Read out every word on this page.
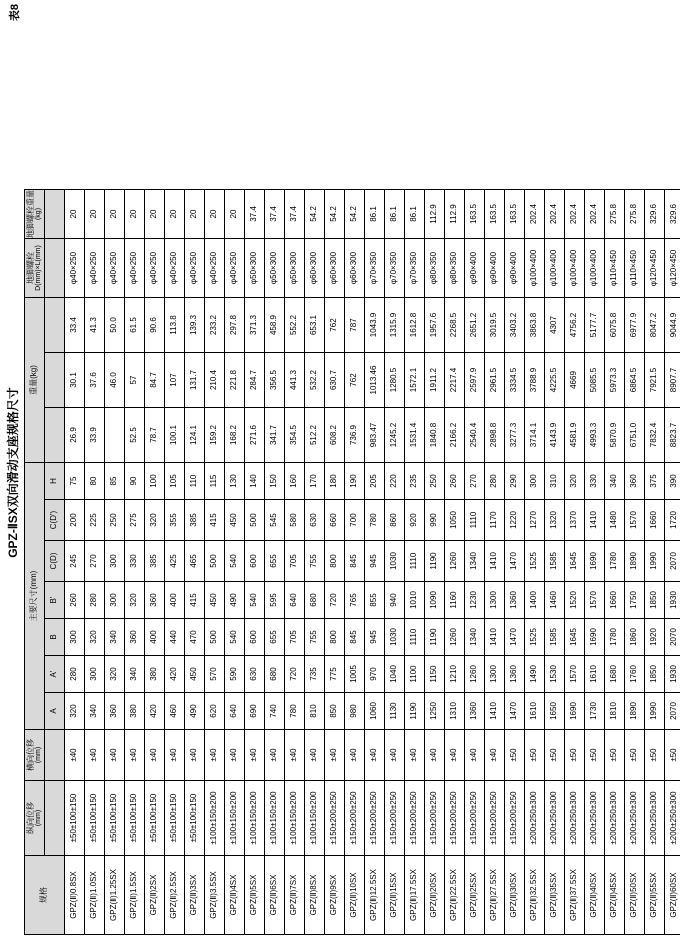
表8
GPZ-ⅡSX双向滑动支座规格尺寸
规格	
纵向位移 (mm)

横向位移 (mm)
	主要尺寸(mm)	重量(kg)	
地脚螺栓 D(mm)×L(mm)

地脚螺栓重量 (kg)

			A	A'	B	B'	C(D)	C(D')	H					
GPZ(Ⅱ)0.8SX	±50±100±150	±40	320	280	300	260	245	200	75	26.9	30.1	33.4	φ40×250	20
GPZ(Ⅱ)1.0SX	±50±100±150	±40	340	300	320	280	270	225	80	33.9	37.6	41.3	φ40×250	20
GPZ(Ⅱ)1.25SX	±50±100±150	±40	360	320	340	300	300	250	85		46.0	50.0	φ40×250	20
GPZ(Ⅱ)1.5SX	±50±100±150	±40	380	340	360	320	330	275	90	52.5	57	61.5	φ40×250	20
GPZ(Ⅱ)2SX	±50±100±150	±40	420	380	400	360	385	320	100	78.7	84.7	90.6	φ40×250	20
GPZ(Ⅱ)2.5SX	±50±100±150	±40	460	420	440	400	425	355	105	100.1	107	113.8	φ40×250	20
GPZ(Ⅱ)3SX	±50±100±150	±40	490	450	470	415	465	385	110	124.1	131.7	139.3	φ40×250	20
GPZ(Ⅱ)3.5SX	±100±150±200	±40	620	570	500	450	500	415	115	159.2	210.4	233.2	φ40×250	20
GPZ(Ⅱ)4SX	±100±150±200	±40	640	590	540	490	540	450	130	168.2	221.8	297.8	φ40×250	20
GPZ(Ⅱ)5SX	±100±150±200	±40	690	630	600	540	600	500	140	271.6	284.7	371.3	φ50×300	37.4
GPZ(Ⅱ)6SX	±100±150±200	±40	740	680	655	595	655	545	150	341.7	356.5	458.9	φ50×300	37.4
GPZ(Ⅱ)7SX	±100±150±200	±40	780	720	705	640	705	580	160	354.5	441.3	552.2	φ50×300	37.4
GPZ(Ⅱ)8SX	±100±150±200	±40	810	735	755	680	755	630	170	512.2	532.2	653.1	φ60×300	54.2
GPZ(Ⅱ)9SX	±150±200±250	±40	850	775	800	720	800	660	180	608.2	630.7	762	φ60×300	54.2
GPZ(Ⅱ)10SX	±150±200±250	±40	980	1005	845	765	845	700	190	736.9	762	787	φ60×300	54.2
GPZ(Ⅱ)12.5SX	±150±200±250	±40	1060	970	945	855	945	780	205	983.47	1013.46	1043.9	φ70×350	86.1
GPZ(Ⅱ)15SX	±150±200±250	±40	1130	1040	1030	940	1030	860	220	1245.2	1280.5	1315.9	φ70×350	86.1
GPZ(Ⅱ)17.5SX	±150±200±250	±40	1190	1100	1110	1010	1110	920	235	1531.4	1572.1	1612.8	φ70×350	86.1
GPZ(Ⅱ)20SX	±150±200±250	±40	1250	1150	1190	1090	1190	990	250	1840.8	1911.2	1957.6	φ80×350	112.9
GPZ(Ⅱ)22.5SX	±150±200±250	±40	1310	1210	1260	1160	1260	1050	260	2166.2	2217.4	2268.5	φ80×350	112.9
GPZ(Ⅱ)25SX	±150±200±250	±40	1360	1260	1340	1230	1340	1110	270	2540.4	2597.9	2651.2	φ90×400	163.5
GPZ(Ⅱ)27.5SX	±150±200±250	±40	1410	1300	1410	1300	1410	1170	280	2898.8	2961.5	3019.5	φ90×400	163.5
GPZ(Ⅱ)30SX	±150±200±250	±50	1470	1360	1470	1360	1470	1220	290	3277.3	3334.5	3403.2	φ90×400	163.5
GPZ(Ⅱ)32.5SX	±200±250±300	±50	1610	1490	1525	1400	1525	1270	300	3714.1	3788.9	3863.8	φ100×400	202.4
GPZ(Ⅱ)35SX	±200±250±300	±50	1650	1530	1585	1460	1585	1320	310	4143.9	4225.5	4307	φ100×400	202.4
GPZ(Ⅱ)37.5SX	±200±250±300	±50	1690	1570	1645	1520	1645	1370	320	4581.9	4669	4756.2	φ100×400	202.4
GPZ(Ⅱ)40SX	±200±250±300	±50	1730	1610	1690	1570	1690	1410	330	4993.3	5085.5	5177.7	φ100×400	202.4
GPZ(Ⅱ)45SX	±200±250±300	±50	1810	1680	1780	1660	1780	1480	340	5870.9	5973.3	6075.8	φ110×450	275.8
GPZ(Ⅱ)50SX	±200±250±300	±50	1890	1760	1860	1750	1890	1570	360	6751.0	6864.5	6977.9	φ110×450	275.8
GPZ(Ⅱ)55SX	±200±250±300	±50	1990	1850	1920	1850	1990	1660	375	7832.4	7921.5	8047.2	φ120×450	329.6
GPZ(Ⅱ)60SX	±200±250±300	±50	2070	1930	2070	1930	2070	1720	390	8823.7	8907.7	9044.9	φ120×450	329.6
